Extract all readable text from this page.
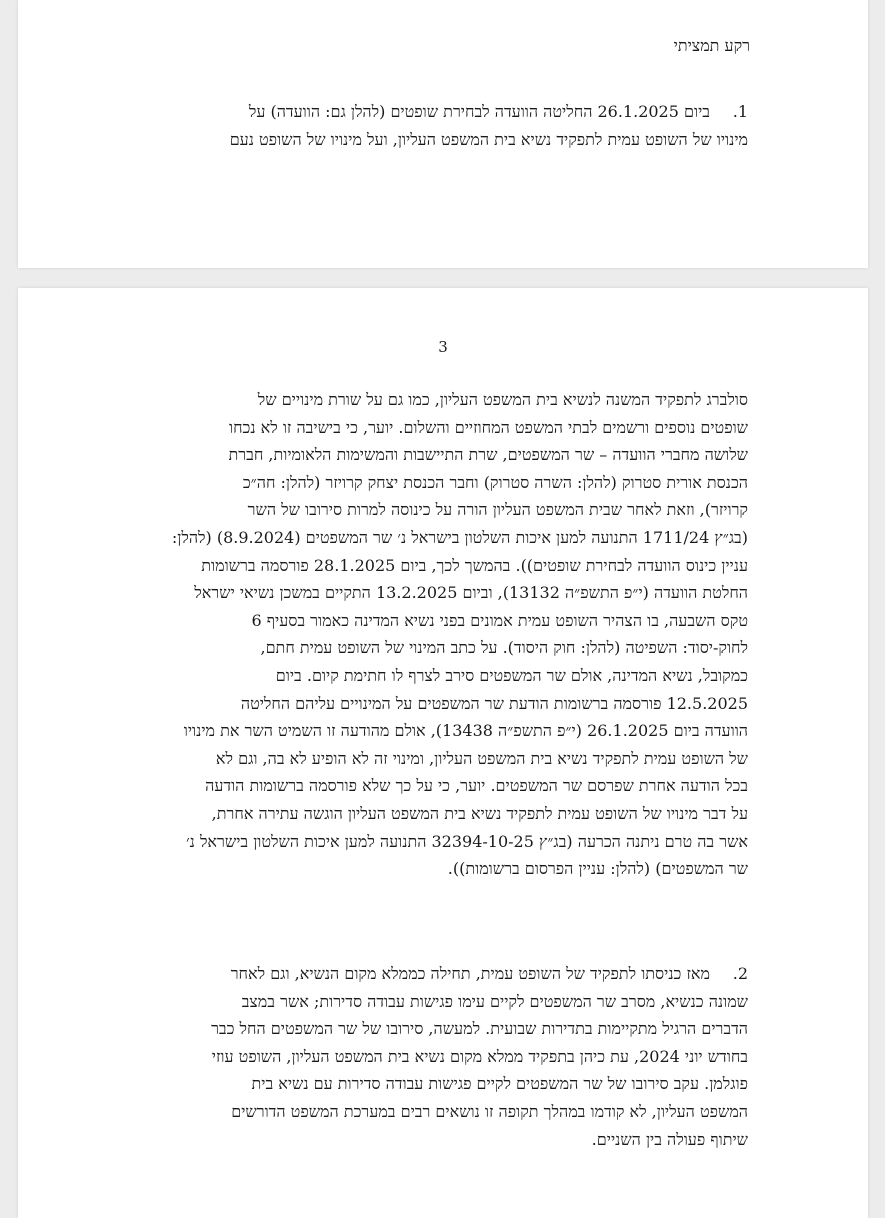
רקע תמציתי
1.ביום 26.1.2025 החליטה הוועדה לבחירת שופטים (להלן גם: הוועדה) על
מינויו של השופט עמית לתפקיד נשיא בית המשפט העליון, ועל מינויו של השופט נעם
3
סולברג לתפקיד המשנה לנשיא בית המשפט העליון, כמו גם על שורת מינויים של
שופטים נוספים ורשמים לבתי המשפט המחוזיים והשלום. יוער, כי בישיבה זו לא נכחו
שלושה מחברי הוועדה – שר המשפטים, שרת התיישבות והמשימות הלאומיות, חברת
הכנסת אורית סטרוק (להלן: השרה סטרוק) וחבר הכנסת יצחק קרויזר (להלן: חה״כ
קרויזר), וזאת לאחר שבית המשפט העליון הורה על כינוסה למרות סירובו של השר
(בג״ץ 1711/24 התנועה למען איכות השלטון בישראל נ׳ שר המשפטים (8.9.2024) (להלן:
עניין כינוס הוועדה לבחירת שופטים)). בהמשך לכך, ביום 28.1.2025 פורסמה ברשומות
החלטת הוועדה (י״פ התשפ״ה 13132), וביום 13.2.2025 התקיים במשכן נשיאי ישראל
טקס השבעה, בו הצהיר השופט עמית אמונים בפני נשיא המדינה כאמור בסעיף 6
לחוק-יסוד: השפיטה (להלן: חוק היסוד). על כתב המינוי של השופט עמית חתם,
כמקובל, נשיא המדינה, אולם שר המשפטים סירב לצרף לו חתימת קיום. ביום
12.5.2025 פורסמה ברשומות הודעת שר המשפטים על המינויים עליהם החליטה
הוועדה ביום 26.1.2025 (י״פ התשפ״ה 13438), אולם מהודעה זו השמיט השר את מינויו
של השופט עמית לתפקיד נשיא בית המשפט העליון, ומינוי זה לא הופיע לא בה, וגם לא
בכל הודעה אחרת שפרסם שר המשפטים. יוער, כי על כך שלא פורסמה ברשומות הודעה
על דבר מינויו של השופט עמית לתפקיד נשיא בית המשפט העליון הוגשה עתירה אחרת,
אשר בה טרם ניתנה הכרעה (בג״ץ 32394-10-25 התנועה למען איכות השלטון בישראל נ׳
שר המשפטים) (להלן: עניין הפרסום ברשומות)).
2.מאז כניסתו לתפקיד של השופט עמית, תחילה כממלא מקום הנשיא, וגם לאחר
שמונה כנשיא, מסרב שר המשפטים לקיים עימו פגישות עבודה סדירות; אשר במצב
הדברים הרגיל מתקיימות בתדירות שבועית. למעשה, סירובו של שר המשפטים החל כבר
בחודש יוני 2024, עת כיהן בתפקיד ממלא מקום נשיא בית המשפט העליון, השופט עוזי
פוגלמן. עקב סירובו של שר המשפטים לקיים פגישות עבודה סדירות עם נשיא בית
המשפט העליון, לא קודמו במהלך תקופה זו נושאים רבים במערכת המשפט הדורשים
שיתוף פעולה בין השניים.
